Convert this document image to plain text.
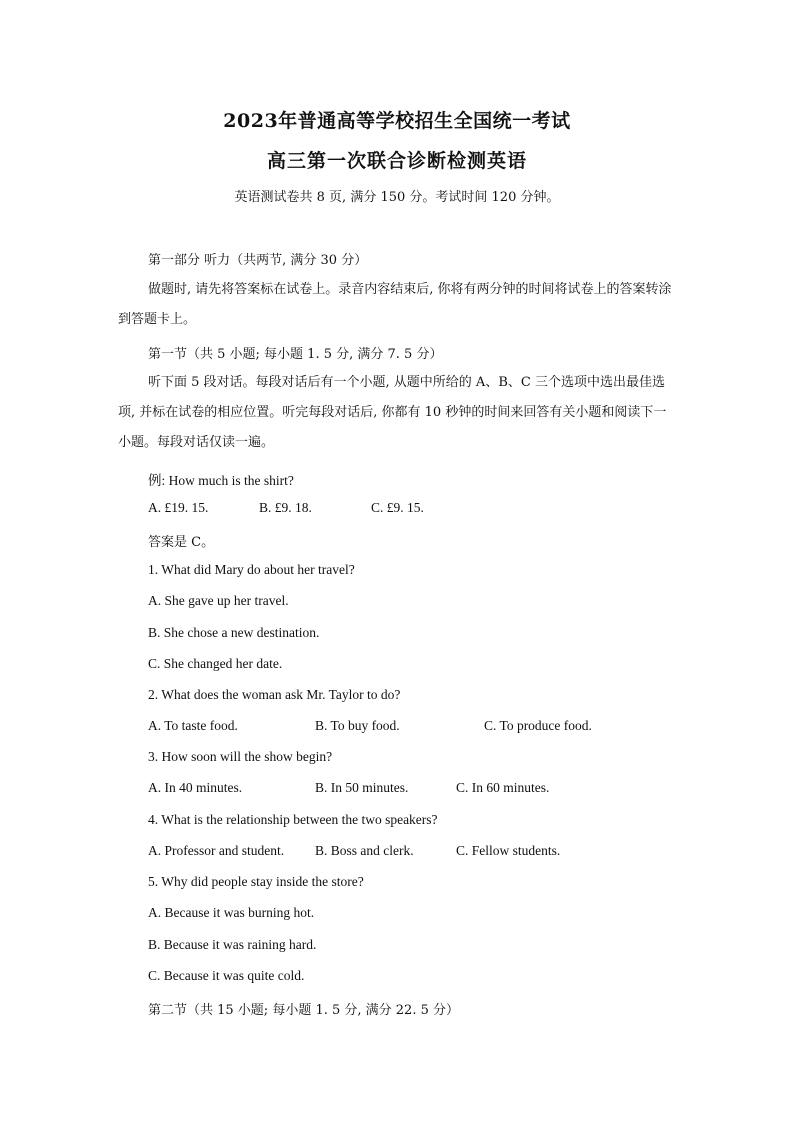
2023年普通高等学校招生全国统一考试
高三第一次联合诊断检测英语
英语测试卷共 8 页, 满分 150 分。考试时间 120 分钟。
第一部分 听力（共两节, 满分 30 分）

做题时, 请先将答案标在试卷上。录音内容结束后, 你将有两分钟的时间将试卷上的答案转涂到答题卡上。

第一节（共 5 小题; 每小题 1. 5 分, 满分 7. 5 分）

听下面 5 段对话。每段对话后有一个小题, 从题中所给的 A、B、C 三个选项中选出最佳选项, 并标在试卷的相应位置。听完每段对话后, 你都有 10 秒钟的时间来回答有关小题和阅读下一小题。每段对话仅读一遍。

例: How much is the shirt?
A. £19. 15.	B. £9. 18.	C. £9. 15.
答案是 C。
1. What did Mary do about her travel?
A. She gave up her travel.
B. She chose a new destination.
C. She changed her date.
2. What does the woman ask Mr. Taylor to do?
A. To taste food.	B. To buy food.	C. To produce food.
3. How soon will the show begin?
A. In 40 minutes.	B. In 50 minutes.	C. In 60 minutes.
4. What is the relationship between the two speakers?
A. Professor and student. B. Boss and clerk.	C. Fellow students.
5. Why did people stay inside the store?
A. Because it was burning hot.
B. Because it was raining hard.
C. Because it was quite cold.
第二节（共 15 小题; 每小题 1. 5 分, 满分 22. 5 分）
